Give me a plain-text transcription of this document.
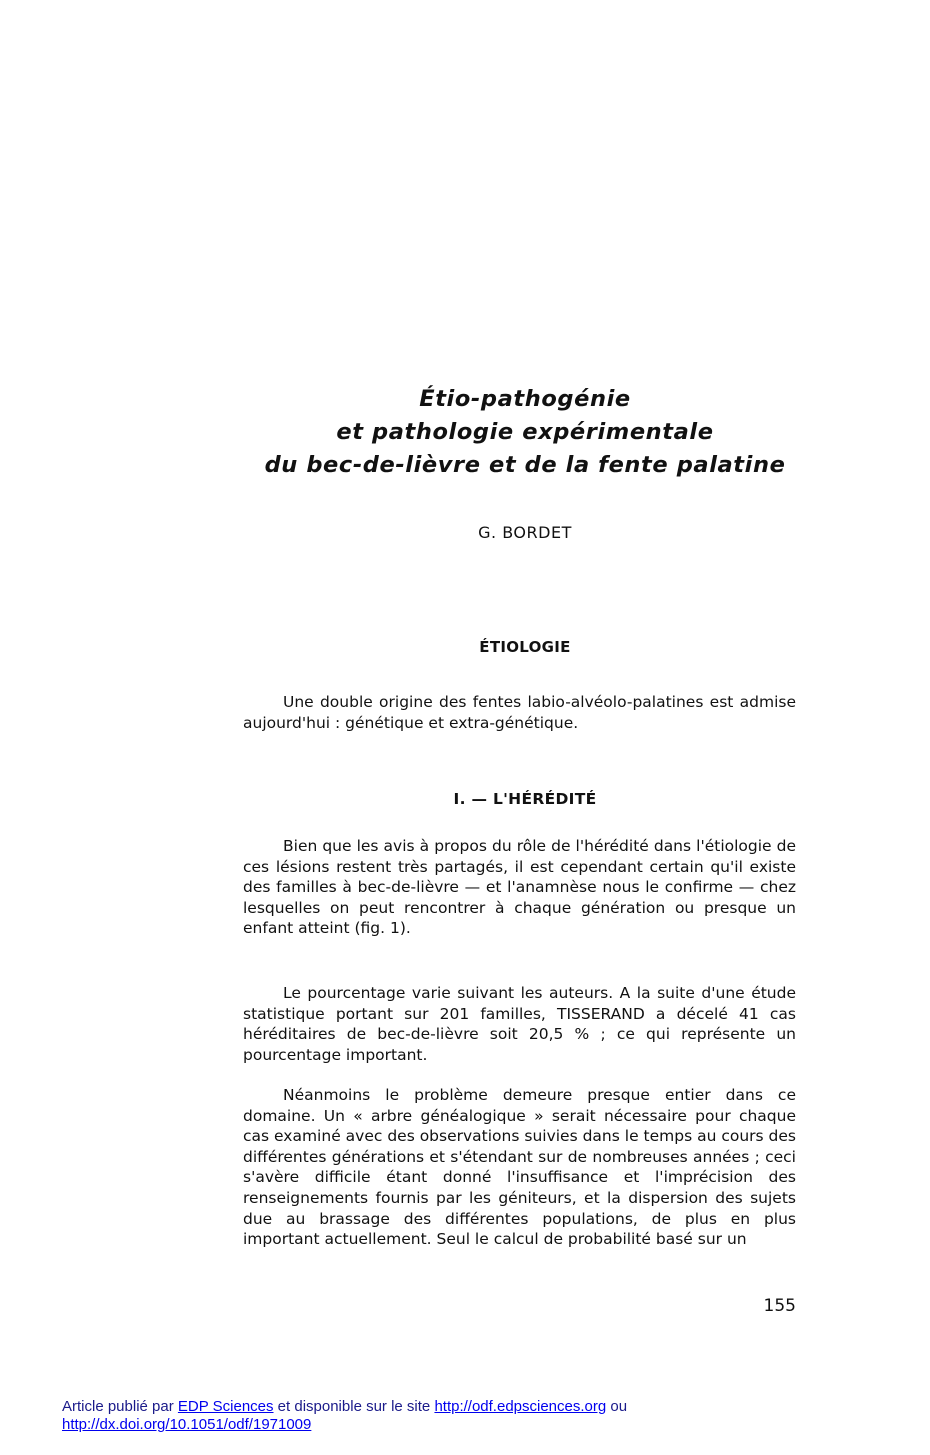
Étio-pathogénie
et pathologie expérimentale
du bec-de-lièvre et de la fente palatine

G. BORDET

ÉTIOLOGIE

Une double origine des fentes labio-alvéolo-palatines est admise aujourd'hui : génétique et extra-génétique.

I. — L'HÉRÉDITÉ

Bien que les avis à propos du rôle de l'hérédité dans l'étiologie de ces lésions restent très partagés, il est cependant certain qu'il existe des familles à bec-de-lièvre — et l'anamnèse nous le confirme — chez lesquelles on peut rencontrer à chaque génération ou presque un enfant atteint (fig. 1).

Le pourcentage varie suivant les auteurs. A la suite d'une étude statistique portant sur 201 familles, TISSERAND a décelé 41 cas héréditaires de bec-de-lièvre soit 20,5 % ; ce qui représente un pourcentage important.

Néanmoins le problème demeure presque entier dans ce domaine. Un « arbre généalogique » serait nécessaire pour chaque cas examiné avec des observations suivies dans le temps au cours des différentes générations et s'étendant sur de nombreuses années ; ceci s'avère difficile étant donné l'insuffisance et l'imprécision des renseignements fournis par les géniteurs, et la dispersion des sujets due au brassage des différentes populations, de plus en plus important actuellement. Seul le calcul de probabilité basé sur un

155

Article publié par EDP Sciences et disponible sur le site http://odf.edpsciences.org ou
http://dx.doi.org/10.1051/odf/1971009
